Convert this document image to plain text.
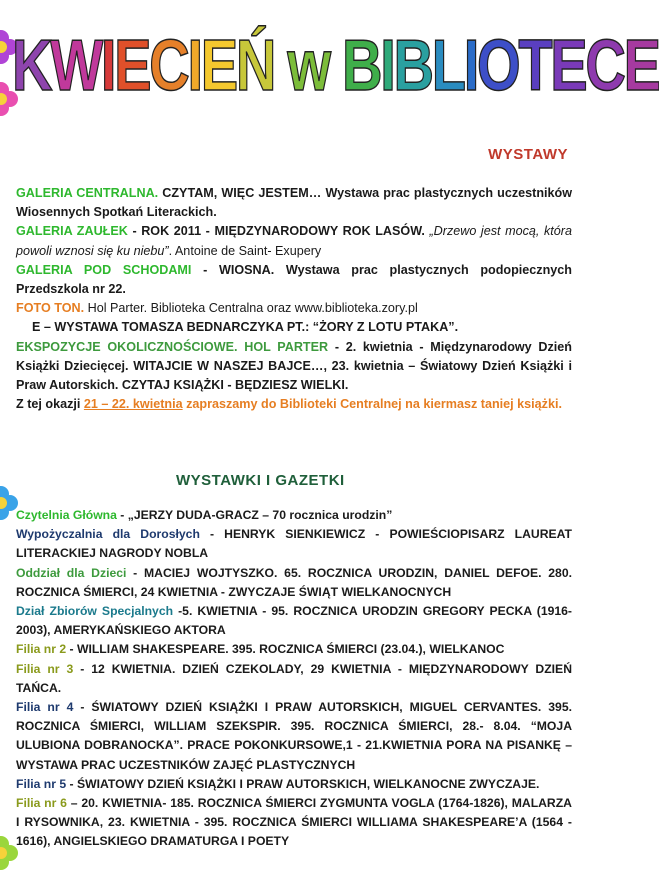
KWIECIEŃ w BIBLIOTECE
WYSTAWY

GALERIA CENTRALNA. CZYTAM, WIĘC JESTEM… Wystawa prac plastycznych uczestników Wiosennych Spotkań Literackich.

GALERIA ZAUŁEK - ROK 2011 - MIĘDZYNARODOWY ROK LASÓW. „Drzewo jest mocą, która powoli wznosi się ku niebu”. Antoine de Saint- Exupery

GALERIA POD SCHODAMI - WIOSNA. Wystawa prac plastycznych podopiecznych Przedszkola nr 22.

FOTO TON. Hol Parter. Biblioteka Centralna oraz www.biblioteka.zory.pl

E – WYSTAWA TOMASZA BEDNARCZYKA PT.: “ŻORY Z LOTU PTAKA”.

EKSPOZYCJE OKOLICZNOŚCIOWE. HOL PARTER - 2. kwietnia - Międzynarodowy Dzień Książki Dziecięcej. WITAJCIE W NASZEJ BAJCE…, 23. kwietnia – Światowy Dzień Książki i Praw Autorskich. CZYTAJ KSIĄŻKI - BĘDZIESZ WIELKI.

Z tej okazji 21 – 22. kwietnia zapraszamy do Biblioteki Centralnej na kiermasz taniej książki.

WYSTAWKI I GAZETKI

Czytelnia Główna - „JERZY DUDA-GRACZ – 70 rocznica urodzin”

Wypożyczalnia dla Dorosłych - HENRYK SIENKIEWICZ - POWIEŚCIOPISARZ LAUREAT LITERACKIEJ NAGRODY NOBLA

Oddział dla Dzieci - MACIEJ WOJTYSZKO. 65. ROCZNICA URODZIN, DANIEL DEFOE. 280. ROCZNICA ŚMIERCI, 24 KWIETNIA - ZWYCZAJE ŚWIĄT WIELKANOCNYCH

Dział Zbiorów Specjalnych -5. KWIETNIA - 95. ROCZNICA URODZIN GREGORY PECKA (1916-2003), AMERYKAŃSKIEGO AKTORA

Filia nr 2 - WILLIAM SHAKESPEARE. 395. ROCZNICA ŚMIERCI (23.04.), WIELKANOC

Filia nr 3 - 12 KWIETNIA. DZIEŃ CZEKOLADY, 29 KWIETNIA - MIĘDZYNARODOWY DZIEŃ TAŃCA.

Filia nr 4 - ŚWIATOWY DZIEŃ KSIĄŻKI I PRAW AUTORSKICH, MIGUEL CERVANTES. 395. ROCZNICA ŚMIERCI, WILLIAM SZEKSPIR. 395. ROCZNICA ŚMIERCI, 28.- 8.04. “MOJA ULUBIONA DOBRANOCKA”. PRACE POKONKURSOWE,1 - 21.KWIETNIA PORA NA PISANKĘ – WYSTAWA PRAC UCZESTNIKÓW ZAJĘĆ PLASTYCZNYCH

Filia nr 5 - ŚWIATOWY DZIEŃ KSIĄŻKI I PRAW AUTORSKICH, WIELKANOCNE ZWYCZAJE.

Filia nr 6 – 20. KWIETNIA- 185. ROCZNICA ŚMIERCI ZYGMUNTA VOGLA (1764-1826), MALARZA I RYSOWNIKA, 23. KWIETNIA - 395. ROCZNICA ŚMIERCI WILLIAMA SHAKESPEARE’A (1564 - 1616), ANGIELSKIEGO DRAMATURGA I POETY
